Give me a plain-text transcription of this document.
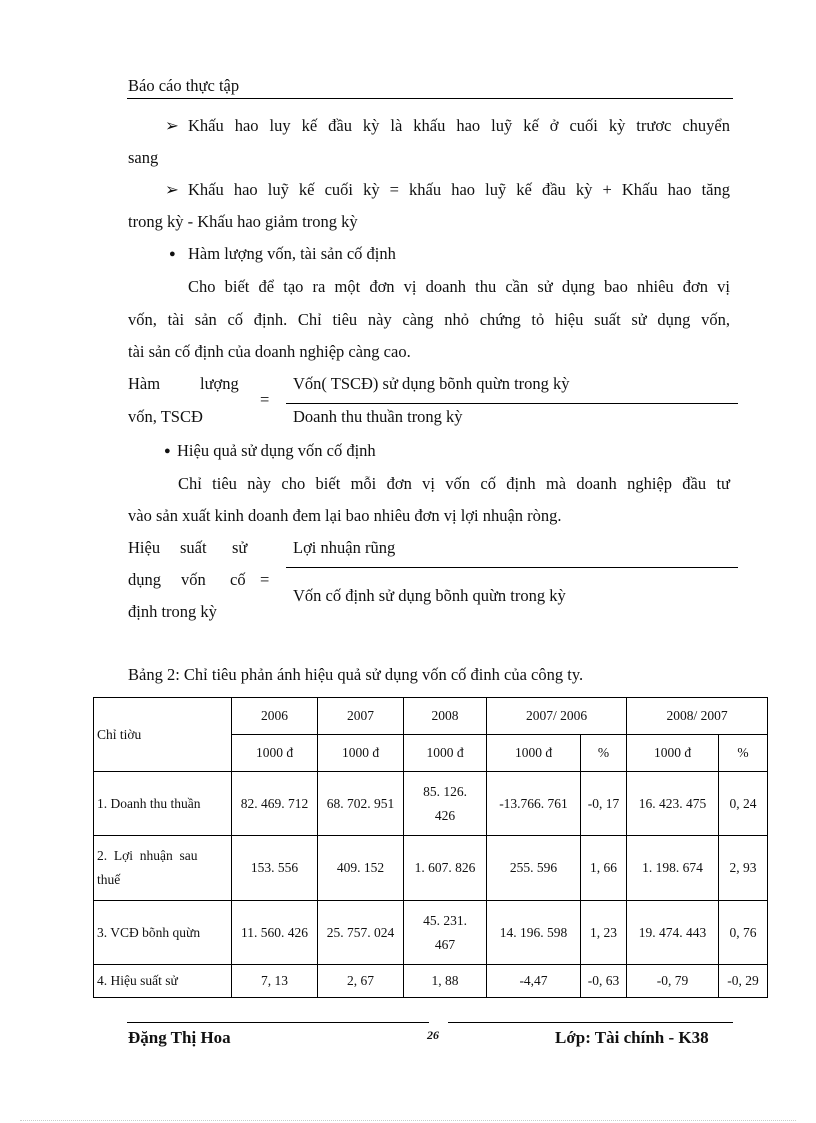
Báo cáo thực tập
➢ Khấu hao luy kế đầu kỳ là khấu hao luỹ kế ở cuối kỳ trươc chuyển
sang
➢ Khấu hao luỹ kế cuối kỳ = khấu hao luỹ kế đầu kỳ + Khấu hao tăng
trong kỳ - Khấu hao giảm trong kỳ
● Hàm lượng vốn, tài sản cố định
Cho biết để tạo ra một đơn vị doanh thu cần sử dụng bao nhiêu đơn vị
vốn, tài sản cố định. Chỉ tiêu này càng nhỏ chứng tỏ hiệu suất sử dụng vốn,
tài sản cố định của doanh nghiệp càng cao.
Hàm lượng
vốn, TSCĐ
=
Vốn( TSCĐ) sử dụng bõnh quừn trong kỳ
Doanh thu thuần trong kỳ
● Hiệu quả sử dụng vốn cố định
Chỉ tiêu này cho biết mỗi đơn vị vốn cố định mà doanh nghiệp đầu tư
vào sản xuất kinh doanh đem lại bao nhiêu đơn vị lợi nhuận ròng.
Hiệu suất sử
dụng vốn cố =
định trong kỳ
Lợi nhuận rũng
Vốn cố định sử dụng bõnh quừn trong kỳ
Bảng 2: Chỉ tiêu phản ánh hiệu quả sử dụng vốn cố đinh của công ty.
Chỉ tiờu	2006	2007	2008	2007/ 2006		2008/ 2007	
	1000 đ	1000 đ	1000 đ	1000 đ	%	1000 đ	%
1. Doanh thu thuần	82. 469. 712	68. 702. 951	85. 126.
426	-13.766. 761	-0, 17	16. 423. 475	0, 24
2.  Lợi  nhuận  sau
thuế	153. 556	409. 152	1. 607. 826	255. 596	1, 66	1. 198. 674	2, 93
3. VCĐ bõnh quừn	11. 560. 426	25. 757. 024	45. 231.
467	14. 196. 598	1, 23	19. 474. 443	0, 76
4. Hiệu suất sử	7, 13	2, 67	1, 88	-4,47	-0, 63	-0, 79	-0, 29
Đặng Thị Hoa	26	Lớp: Tài chính - K38
